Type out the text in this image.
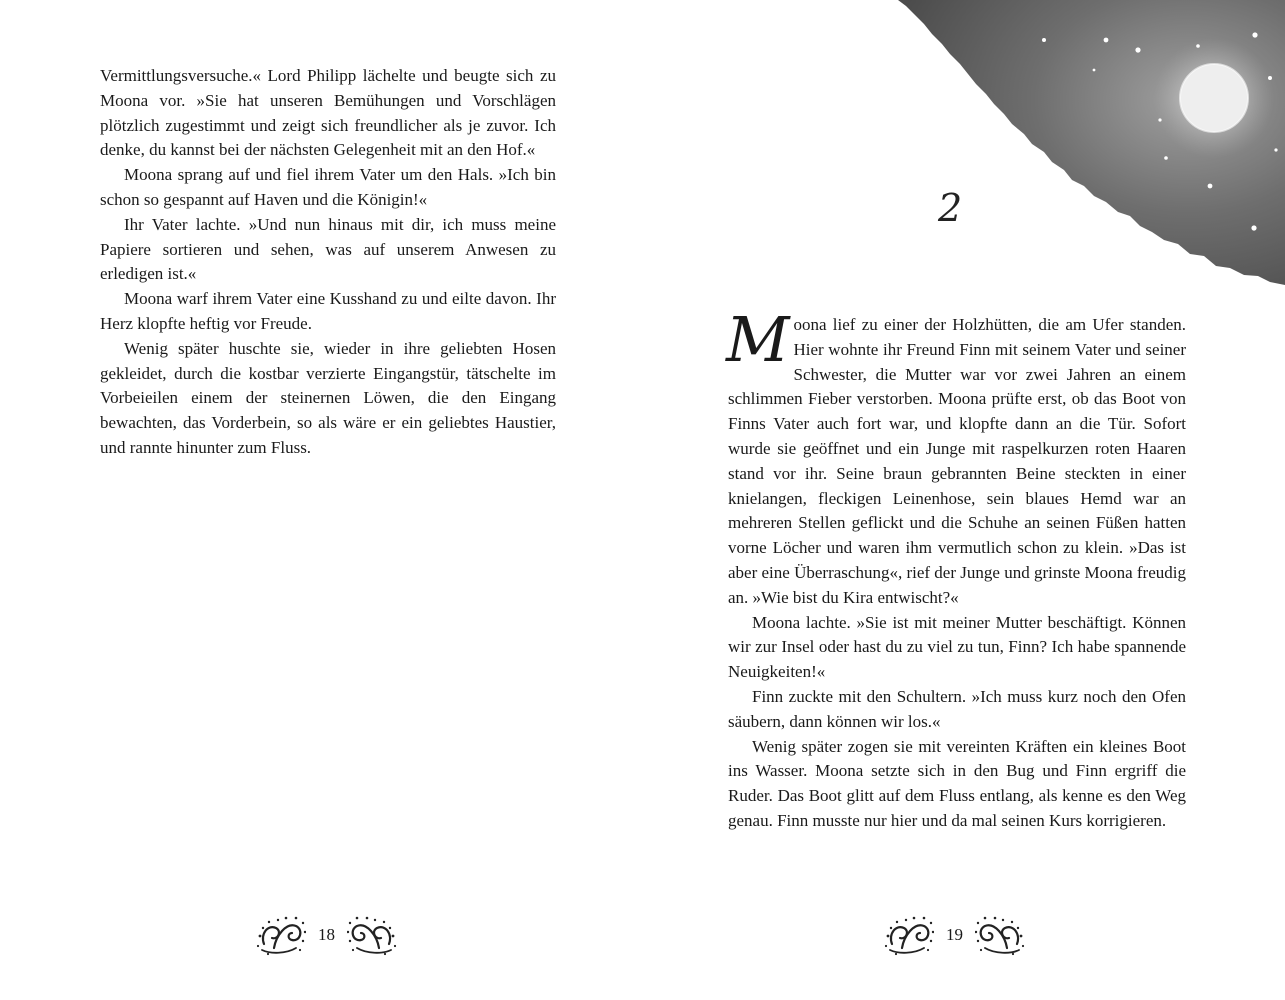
Vermittlungsversuche.« Lord Philipp lächelte und beugte sich zu Moona vor. »Sie hat unseren Bemühungen und Vorschlägen plötzlich zugestimmt und zeigt sich freundlicher als je zuvor. Ich denke, du kannst bei der nächsten Gelegenheit mit an den Hof.«

Moona sprang auf und fiel ihrem Vater um den Hals. »Ich bin schon so gespannt auf Haven und die Königin!«

Ihr Vater lachte. »Und nun hinaus mit dir, ich muss meine Papiere sortieren und sehen, was auf unserem Anwesen zu erledigen ist.«

Moona warf ihrem Vater eine Kusshand zu und eilte davon. Ihr Herz klopfte heftig vor Freude.

Wenig später huschte sie, wieder in ihre geliebten Hosen gekleidet, durch die kostbar verzierte Eingangstür, tätschelte im Vorbeieilen einem der steinernen Löwen, die den Eingang bewachten, das Vorderbein, so als wäre er ein geliebtes Haustier, und rannte hinunter zum Fluss.

18
2

Moona lief zu einer der Holzhütten, die am Ufer standen. Hier wohnte ihr Freund Finn mit seinem Vater und seiner Schwester, die Mutter war vor zwei Jahren an einem schlimmen Fieber verstorben. Moona prüfte erst, ob das Boot von Finns Vater auch fort war, und klopfte dann an die Tür. Sofort wurde sie geöffnet und ein Junge mit raspelkurzen roten Haaren stand vor ihr. Seine braun gebrannten Beine steckten in einer knielangen, fleckigen Leinenhose, sein blaues Hemd war an mehreren Stellen geflickt und die Schuhe an seinen Füßen hatten vorne Löcher und waren ihm vermutlich schon zu klein. »Das ist aber eine Überraschung«, rief der Junge und grinste Moona freudig an. »Wie bist du Kira entwischt?«

Moona lachte. »Sie ist mit meiner Mutter beschäftigt. Können wir zur Insel oder hast du zu viel zu tun, Finn? Ich habe spannende Neuigkeiten!«

Finn zuckte mit den Schultern. »Ich muss kurz noch den Ofen säubern, dann können wir los.«

Wenig später zogen sie mit vereinten Kräften ein kleines Boot ins Wasser. Moona setzte sich in den Bug und Finn ergriff die Ruder. Das Boot glitt auf dem Fluss entlang, als kenne es den Weg genau. Finn musste nur hier und da mal seinen Kurs korrigieren.

19
